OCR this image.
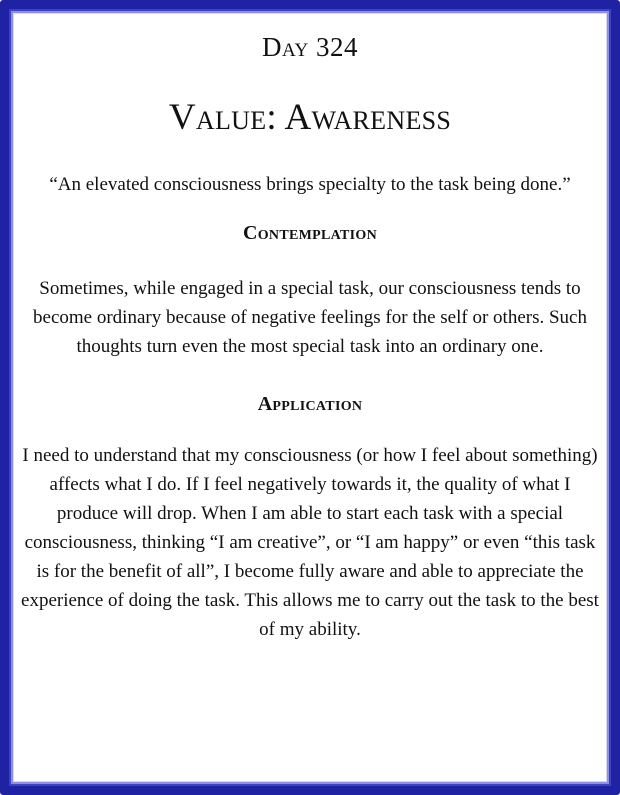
Day 324
Value: Awareness
“An elevated consciousness brings specialty to the task being done.”
Contemplation
Sometimes, while engaged in a special task, our consciousness tends to become ordinary because of negative feelings for the self or others. Such thoughts turn even the most special task into an ordinary one.
Application
I need to understand that my consciousness (or how I feel about something) affects what I do. If I feel negatively towards it, the quality of what I produce will drop. When I am able to start each task with a special consciousness, thinking “I am creative”, or “I am happy” or even “this task is for the benefit of all”, I become fully aware and able to appreciate the experience of doing the task. This allows me to carry out the task to the best of my ability.
